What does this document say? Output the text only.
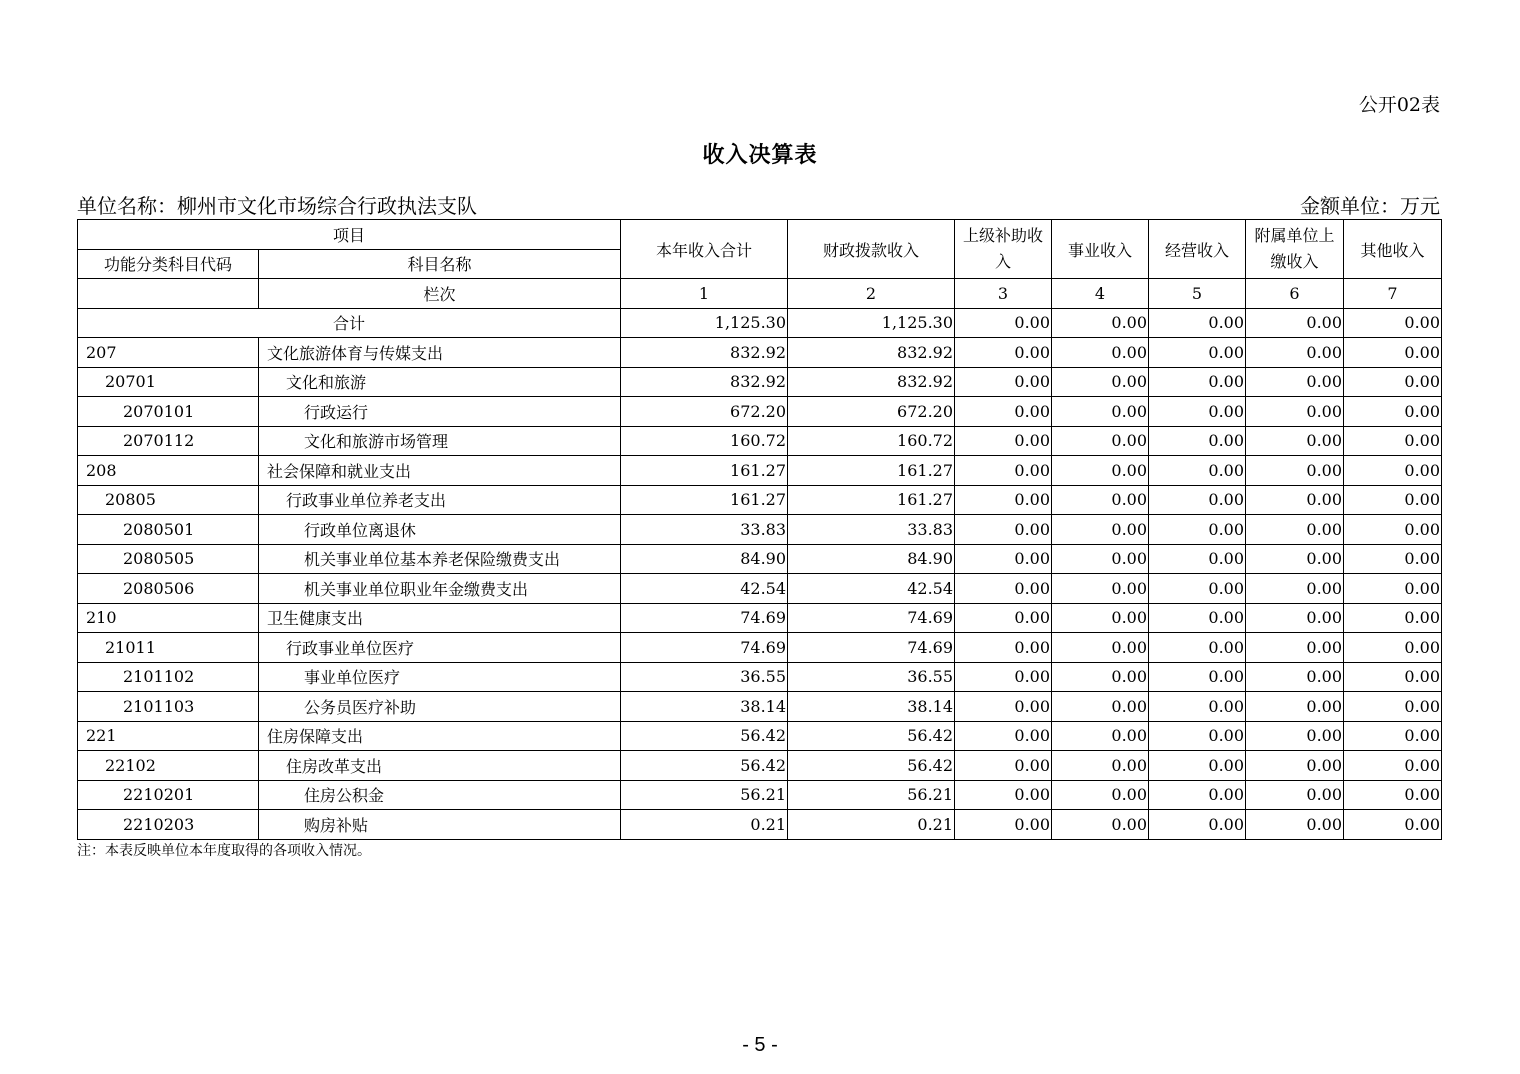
公开02表
收入决算表
单位名称：柳州市文化市场综合行政执法支队	金额单位：万元
项目		本年收入合计	财政拨款收入	上级补助收入	事业收入	经营收入	附属单位上缴收入	其他收入
功能分类科目代码	科目名称							
	栏次	1	2	3	4	5	6	7
合计		1,125.30	1,125.30	0.00	0.00	0.00	0.00	0.00
207	文化旅游体育与传媒支出	832.92	832.92	0.00	0.00	0.00	0.00	0.00
20701	文化和旅游	832.92	832.92	0.00	0.00	0.00	0.00	0.00
2070101	行政运行	672.20	672.20	0.00	0.00	0.00	0.00	0.00
2070112	文化和旅游市场管理	160.72	160.72	0.00	0.00	0.00	0.00	0.00
208	社会保障和就业支出	161.27	161.27	0.00	0.00	0.00	0.00	0.00
20805	行政事业单位养老支出	161.27	161.27	0.00	0.00	0.00	0.00	0.00
2080501	行政单位离退休	33.83	33.83	0.00	0.00	0.00	0.00	0.00
2080505	机关事业单位基本养老保险缴费支出	84.90	84.90	0.00	0.00	0.00	0.00	0.00
2080506	机关事业单位职业年金缴费支出	42.54	42.54	0.00	0.00	0.00	0.00	0.00
210	卫生健康支出	74.69	74.69	0.00	0.00	0.00	0.00	0.00
21011	行政事业单位医疗	74.69	74.69	0.00	0.00	0.00	0.00	0.00
2101102	事业单位医疗	36.55	36.55	0.00	0.00	0.00	0.00	0.00
2101103	公务员医疗补助	38.14	38.14	0.00	0.00	0.00	0.00	0.00
221	住房保障支出	56.42	56.42	0.00	0.00	0.00	0.00	0.00
22102	住房改革支出	56.42	56.42	0.00	0.00	0.00	0.00	0.00
2210201	住房公积金	56.21	56.21	0.00	0.00	0.00	0.00	0.00
2210203	购房补贴	0.21	0.21	0.00	0.00	0.00	0.00	0.00
注：本表反映单位本年度取得的各项收入情况。
- 5 -
